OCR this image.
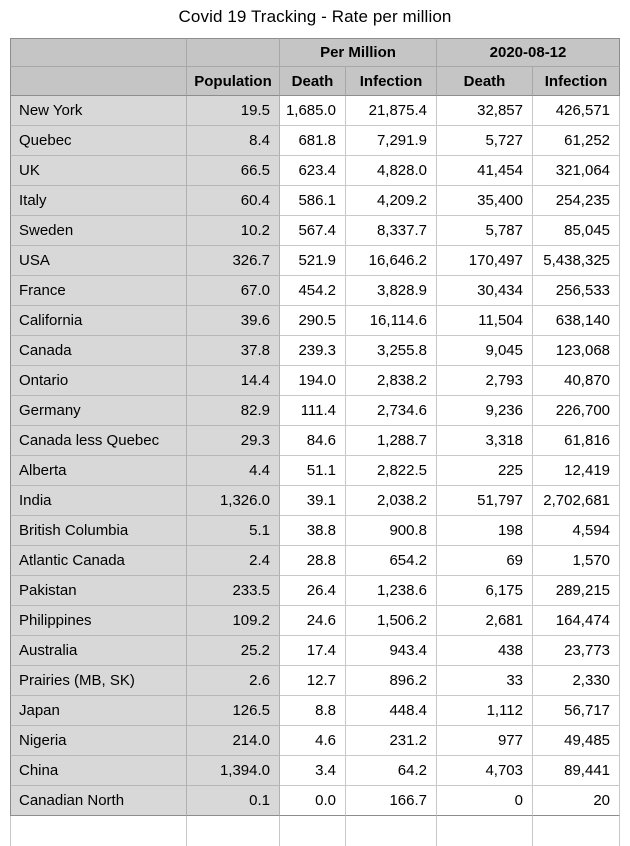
Covid 19 Tracking - Rate per million
		Per Million		2020-08-12	
	Population	Death	Infection	Death	Infection
New York	19.5	1,685.0	21,875.4	32,857	426,571
Quebec	8.4	681.8	7,291.9	5,727	61,252
UK	66.5	623.4	4,828.0	41,454	321,064
Italy	60.4	586.1	4,209.2	35,400	254,235
Sweden	10.2	567.4	8,337.7	5,787	85,045
USA	326.7	521.9	16,646.2	170,497	5,438,325
France	67.0	454.2	3,828.9	30,434	256,533
California	39.6	290.5	16,114.6	11,504	638,140
Canada	37.8	239.3	3,255.8	9,045	123,068
Ontario	14.4	194.0	2,838.2	2,793	40,870
Germany	82.9	111.4	2,734.6	9,236	226,700
Canada less Quebec	29.3	84.6	1,288.7	3,318	61,816
Alberta	4.4	51.1	2,822.5	225	12,419
India	1,326.0	39.1	2,038.2	51,797	2,702,681
British Columbia	5.1	38.8	900.8	198	4,594
Atlantic Canada	2.4	28.8	654.2	69	1,570
Pakistan	233.5	26.4	1,238.6	6,175	289,215
Philippines	109.2	24.6	1,506.2	2,681	164,474
Australia	25.2	17.4	943.4	438	23,773
Prairies (MB, SK)	2.6	12.7	896.2	33	2,330
Japan	126.5	8.8	448.4	1,112	56,717
Nigeria	214.0	4.6	231.2	977	49,485
China	1,394.0	3.4	64.2	4,703	89,441
Canadian North	0.1	0.0	166.7	0	20
